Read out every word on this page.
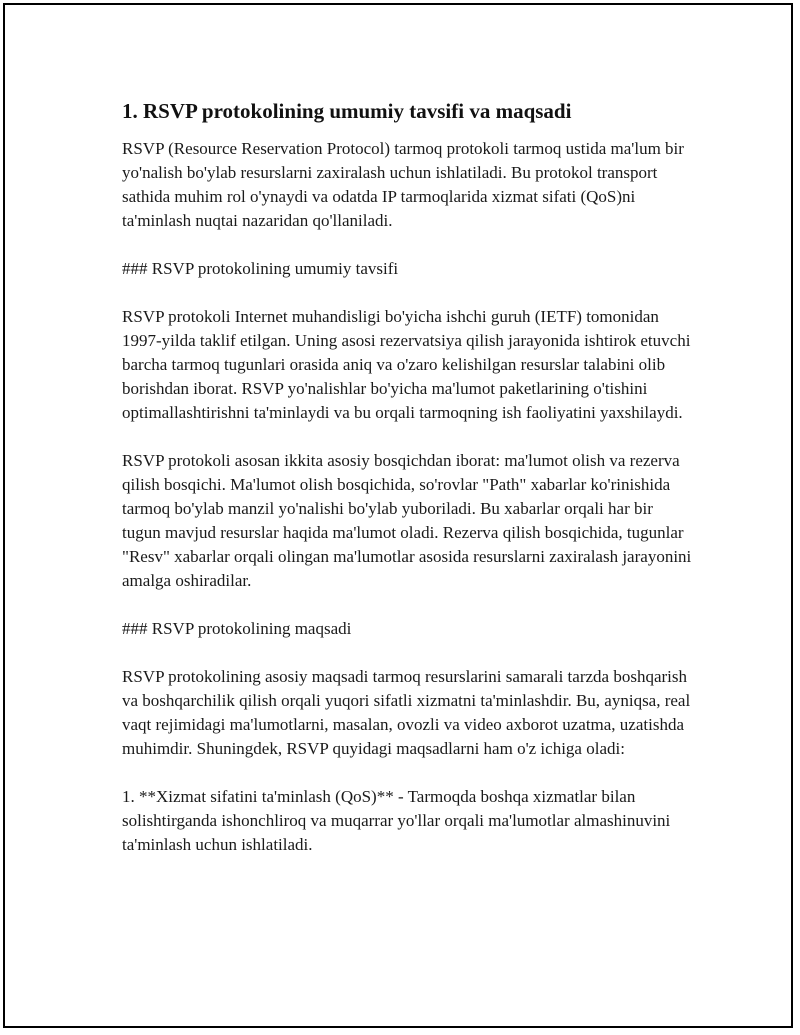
1. RSVP protokolining umumiy tavsifi va maqsadi

RSVP (Resource Reservation Protocol) tarmoq protokoli tarmoq ustida ma'lum bir yo'nalish bo'ylab resurslarni zaxiralash uchun ishlatiladi. Bu protokol transport sathida muhim rol o'ynaydi va odatda IP tarmoqlarida xizmat sifati (QoS)ni ta'minlash nuqtai nazaridan qo'llaniladi.

### RSVP protokolining umumiy tavsifi

RSVP protokoli Internet muhandisligi bo'yicha ishchi guruh (IETF) tomonidan 1997-yilda taklif etilgan. Uning asosi rezervatsiya qilish jarayonida ishtirok etuvchi barcha tarmoq tugunlari orasida aniq va o'zaro kelishilgan resurslar talabini olib borishdan iborat. RSVP yo'nalishlar bo'yicha ma'lumot paketlarining o'tishini optimallashtirishni ta'minlaydi va bu orqali tarmoqning ish faoliyatini yaxshilaydi.

RSVP protokoli asosan ikkita asosiy bosqichdan iborat: ma'lumot olish va rezerva qilish bosqichi. Ma'lumot olish bosqichida, so'rovlar "Path" xabarlar ko'rinishida tarmoq bo'ylab manzil yo'nalishi bo'ylab yuboriladi. Bu xabarlar orqali har bir tugun mavjud resurslar haqida ma'lumot oladi. Rezerva qilish bosqichida, tugunlar "Resv" xabarlar orqali olingan ma'lumotlar asosida resurslarni zaxiralash jarayonini amalga oshiradilar.

### RSVP protokolining maqsadi

RSVP protokolining asosiy maqsadi tarmoq resurslarini samarali tarzda boshqarish va boshqarchilik qilish orqali yuqori sifatli xizmatni ta'minlashdir. Bu, ayniqsa, real vaqt rejimidagi ma'lumotlarni, masalan, ovozli va video axborot uzatma, uzatishda muhimdir. Shuningdek, RSVP quyidagi maqsadlarni ham o'z ichiga oladi:

1. **Xizmat sifatini ta'minlash (QoS)** - Tarmoqda boshqa xizmatlar bilan solishtirganda ishonchliroq va muqarrar yo'llar orqali ma'lumotlar almashinuvini ta'minlash uchun ishlatiladi.
